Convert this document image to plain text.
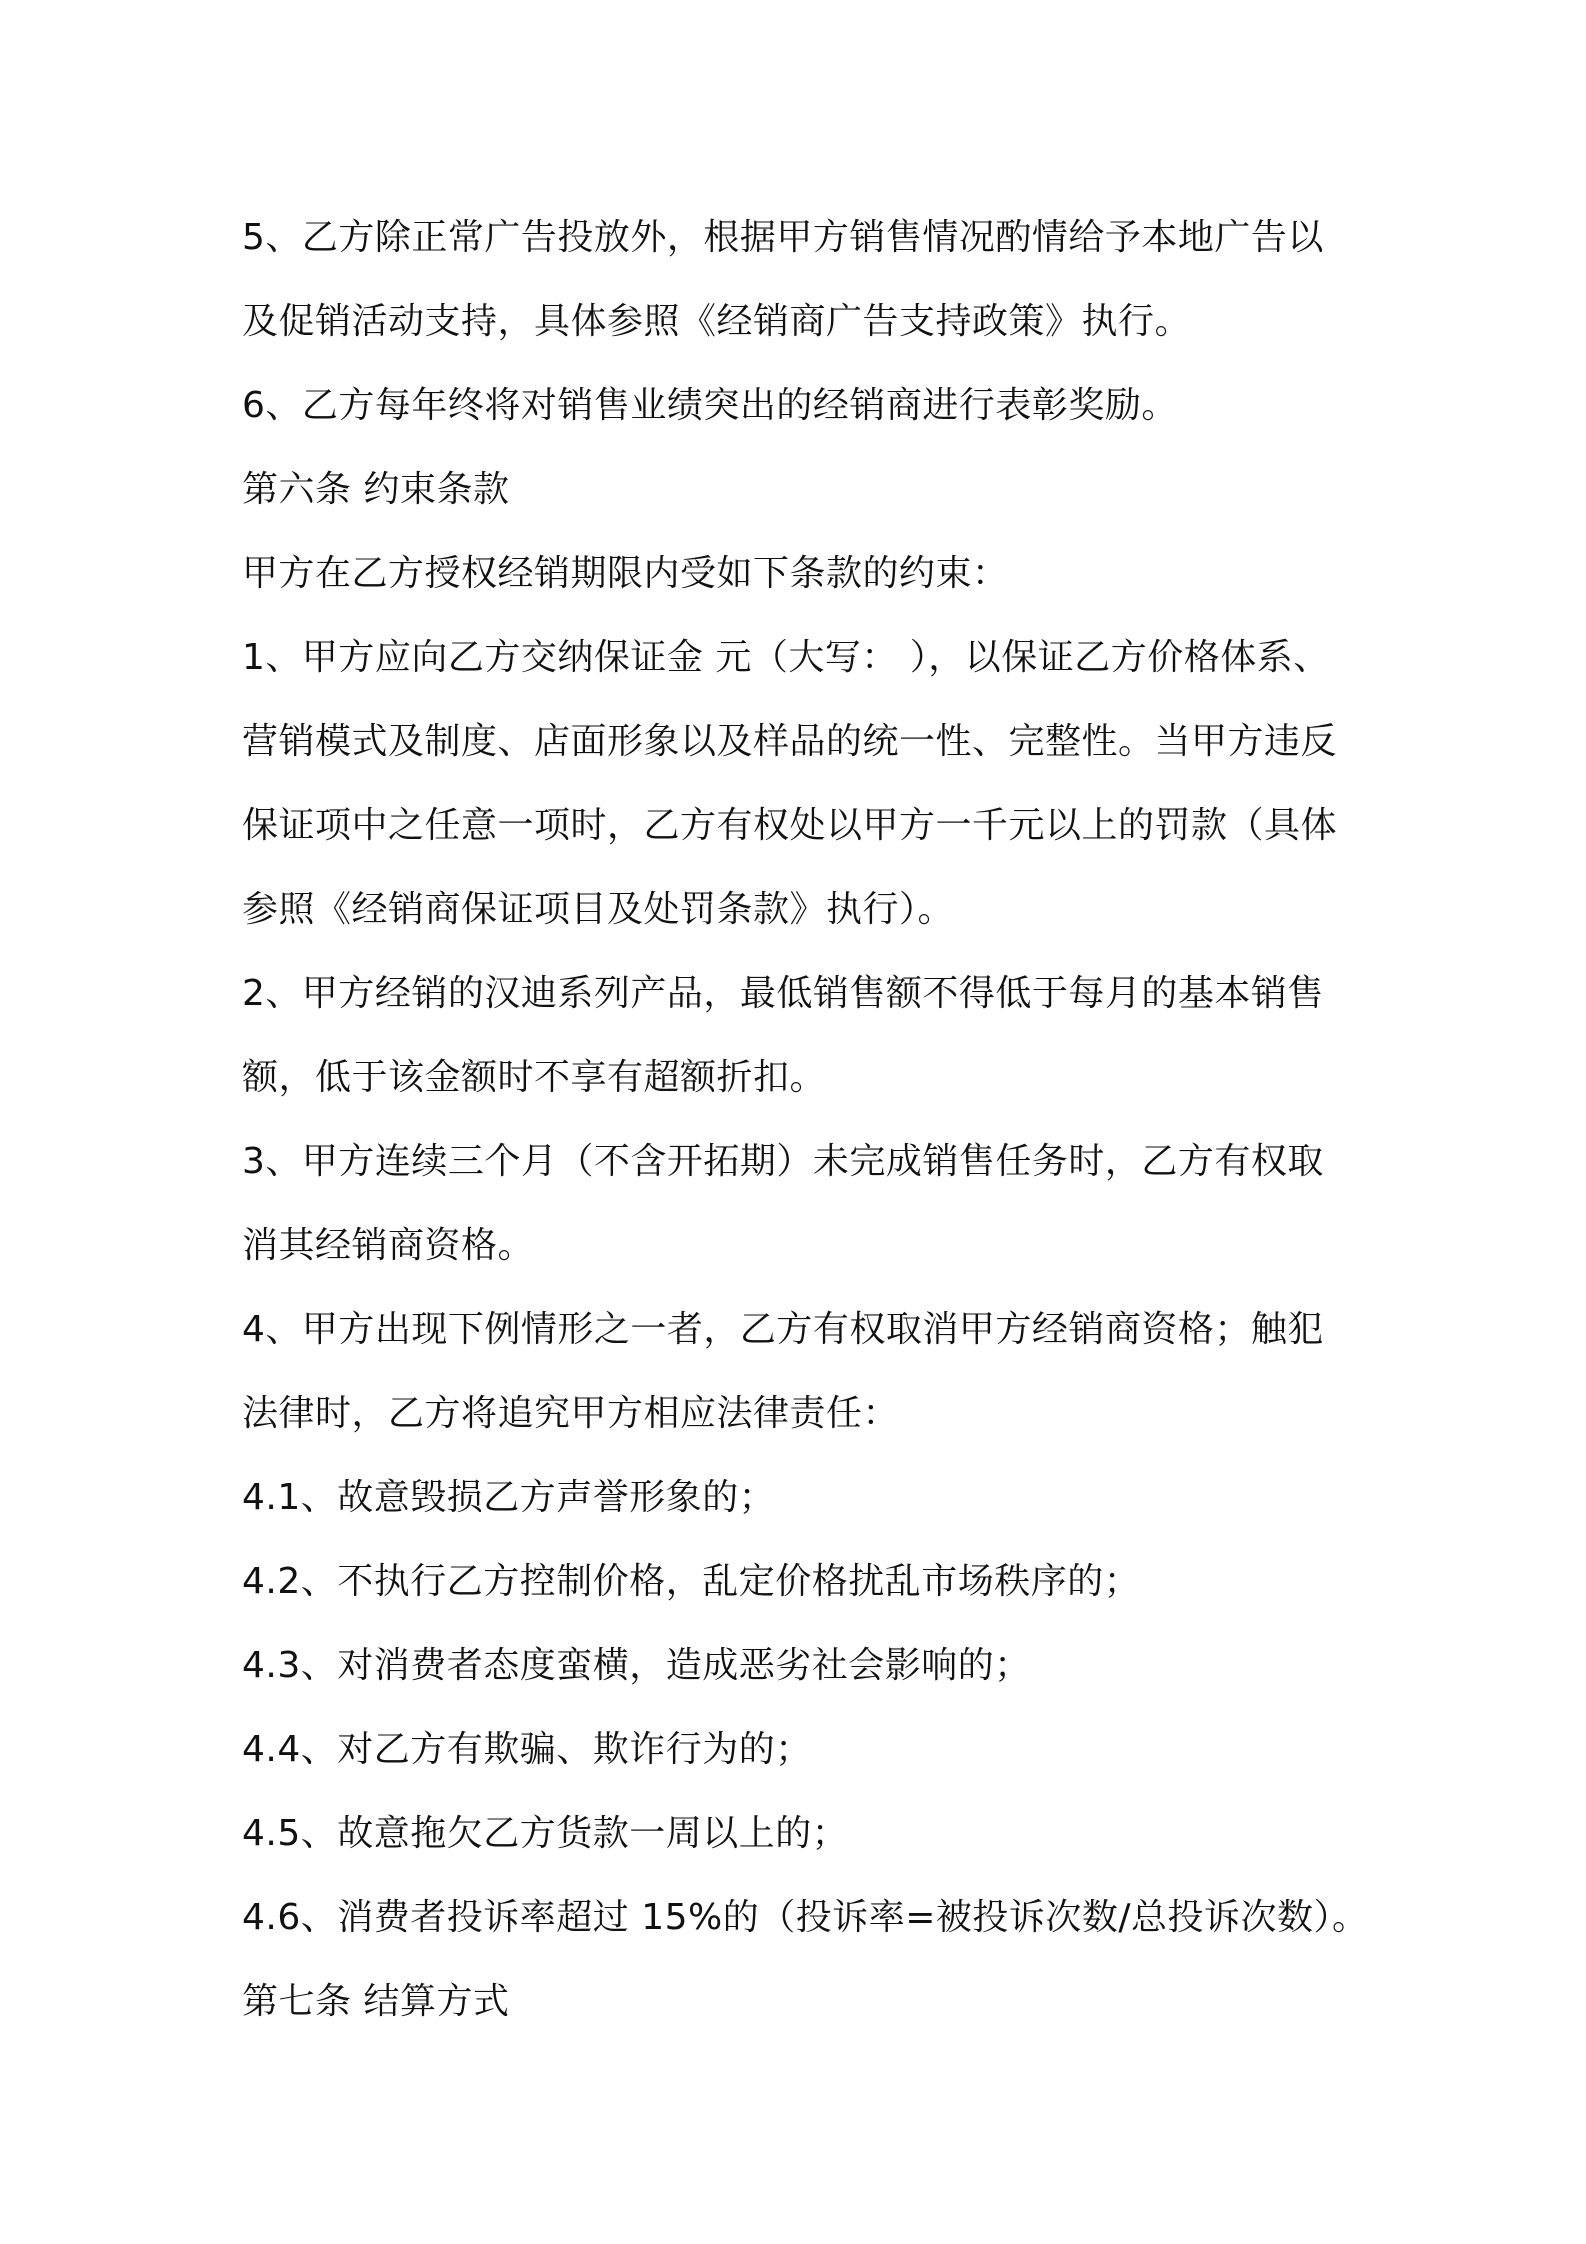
5、乙方除正常广告投放外，根据甲方销售情况酌情给予本地广告以
及促销活动支持，具体参照《经销商广告支持政策》执行。
6、乙方每年终将对销售业绩突出的经销商进行表彰奖励。
第六条 约束条款
甲方在乙方授权经销期限内受如下条款的约束：
1、甲方应向乙方交纳保证金 元（大写： ），以保证乙方价格体系、
营销模式及制度、店面形象以及样品的统一性、完整性。当甲方违反
保证项中之任意一项时，乙方有权处以甲方一千元以上的罚款（具体
参照《经销商保证项目及处罚条款》执行）。
2、甲方经销的汉迪系列产品，最低销售额不得低于每月的基本销售
额，低于该金额时不享有超额折扣。
3、甲方连续三个月（不含开拓期）未完成销售任务时，乙方有权取
消其经销商资格。
4、甲方出现下例情形之一者，乙方有权取消甲方经销商资格；触犯
法律时，乙方将追究甲方相应法律责任：
4.1、故意毁损乙方声誉形象的；
4.2、不执行乙方控制价格，乱定价格扰乱市场秩序的；
4.3、对消费者态度蛮横，造成恶劣社会影响的；
4.4、对乙方有欺骗、欺诈行为的；
4.5、故意拖欠乙方货款一周以上的；
4.6、消费者投诉率超过 15%的（投诉率=被投诉次数/总投诉次数）。
第七条 结算方式
